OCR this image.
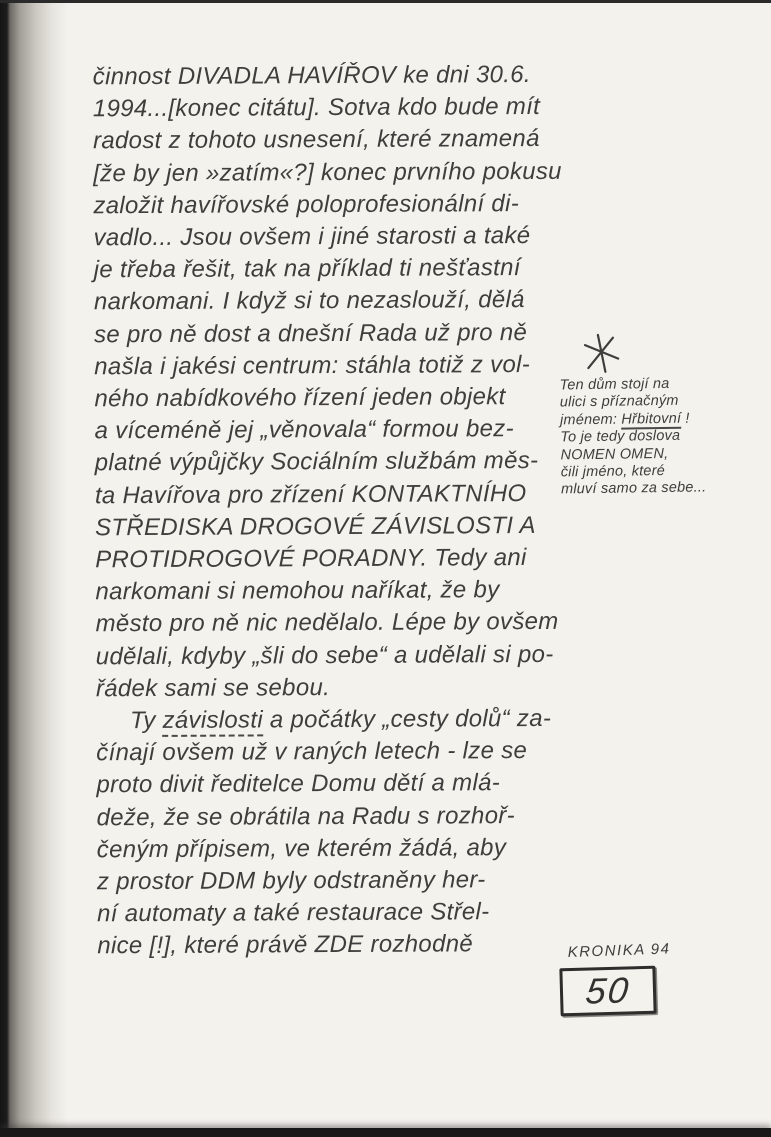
činnost DIVADLA HAVÍŘOV ke dni 30.6.
1994...[konec citátu]. Sotva kdo bude mít
radost z tohoto usnesení, které znamená
[že by jen »zatím«?] konec prvního pokusu
založit havířovské poloprofesionální di-
vadlo... Jsou ovšem i jiné starosti a také
je třeba řešit, tak na příklad ti nešťastní
narkomani. I když si to nezaslouží, dělá
se pro ně dost a dnešní Rada už pro ně
našla i jakési centrum: stáhla totiž z vol-
ného nabídkového řízení jeden objekt
a víceméně jej „věnovala“ formou bez-
platné výpůjčky Sociálním službám měs-
ta Havířova pro zřízení KONTAKTNÍHO
STŘEDISKA DROGOVÉ ZÁVISLOSTI A
PROTIDROGOVÉ PORADNY. Tedy ani
narkomani si nemohou naříkat, že by
město pro ně nic nedělalo. Lépe by ovšem
udělali, kdyby „šli do sebe“ a udělali si po-
řádek sami se sebou.
Ty závislosti a počátky „cesty dolů“ za-
čínají ovšem už v raných letech - lze se
proto divit ředitelce Domu dětí a mlá-
deže, že se obrátila na Radu s rozhoř-
čeným přípisem, ve kterém žádá, aby
z prostor DDM byly odstraněny her-
ní automaty a také restaurace Střel-
nice [!], které právě ZDE rozhodně
Ten dům stojí na
ulici s příznačným
jménem: Hřbitovní !
To je tedy doslova
NOMEN OMEN,
čili jméno, které
mluví samo za sebe...
KRONIKA 94
50
